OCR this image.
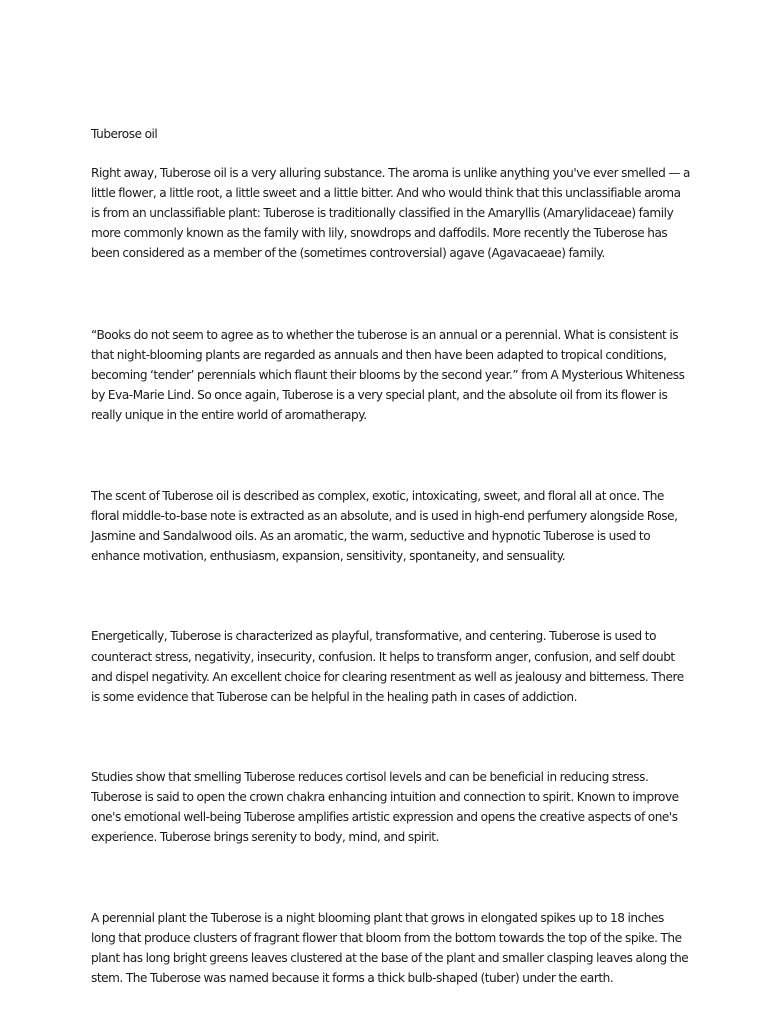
Tuberose oil

Right away, Tuberose oil is a very alluring substance. The aroma is unlike anything you've ever smelled — a little flower, a little root, a little sweet and a little bitter. And who would think that this unclassifiable aroma is from an unclassifiable plant: Tuberose is traditionally classified in the Amaryllis (Amarylidaceae) family more commonly known as the family with lily, snowdrops and daffodils. More recently the Tuberose has been considered as a member of the (sometimes controversial) agave (Agavacaeae) family.

“Books do not seem to agree as to whether the tuberose is an annual or a perennial. What is consistent is that night-blooming plants are regarded as annuals and then have been adapted to tropical conditions, becoming ‘tender’ perennials which flaunt their blooms by the second year.” from A Mysterious Whiteness by Eva-Marie Lind. So once again, Tuberose is a very special plant, and the absolute oil from its flower is really unique in the entire world of aromatherapy.

The scent of Tuberose oil is described as complex, exotic, intoxicating, sweet, and floral all at once. The floral middle-to-base note is extracted as an absolute, and is used in high-end perfumery alongside Rose, Jasmine and Sandalwood oils. As an aromatic, the warm, seductive and hypnotic Tuberose is used to enhance motivation, enthusiasm, expansion, sensitivity, spontaneity, and sensuality.

Energetically, Tuberose is characterized as playful, transformative, and centering. Tuberose is used to counteract stress, negativity, insecurity, confusion. It helps to transform anger, confusion, and self doubt and dispel negativity. An excellent choice for clearing resentment as well as jealousy and bitterness. There is some evidence that Tuberose can be helpful in the healing path in cases of addiction.

Studies show that smelling Tuberose reduces cortisol levels and can be beneficial in reducing stress. Tuberose is said to open the crown chakra enhancing intuition and connection to spirit. Known to improve one's emotional well-being Tuberose amplifies artistic expression and opens the creative aspects of one's experience. Tuberose brings serenity to body, mind, and spirit.

A perennial plant the Tuberose is a night blooming plant that grows in elongated spikes up to 18 inches long that produce clusters of fragrant flower that bloom from the bottom towards the top of the spike. The plant has long bright greens leaves clustered at the base of the plant and smaller clasping leaves along the stem. The Tuberose was named because it forms a thick bulb-shaped (tuber) under the earth.
